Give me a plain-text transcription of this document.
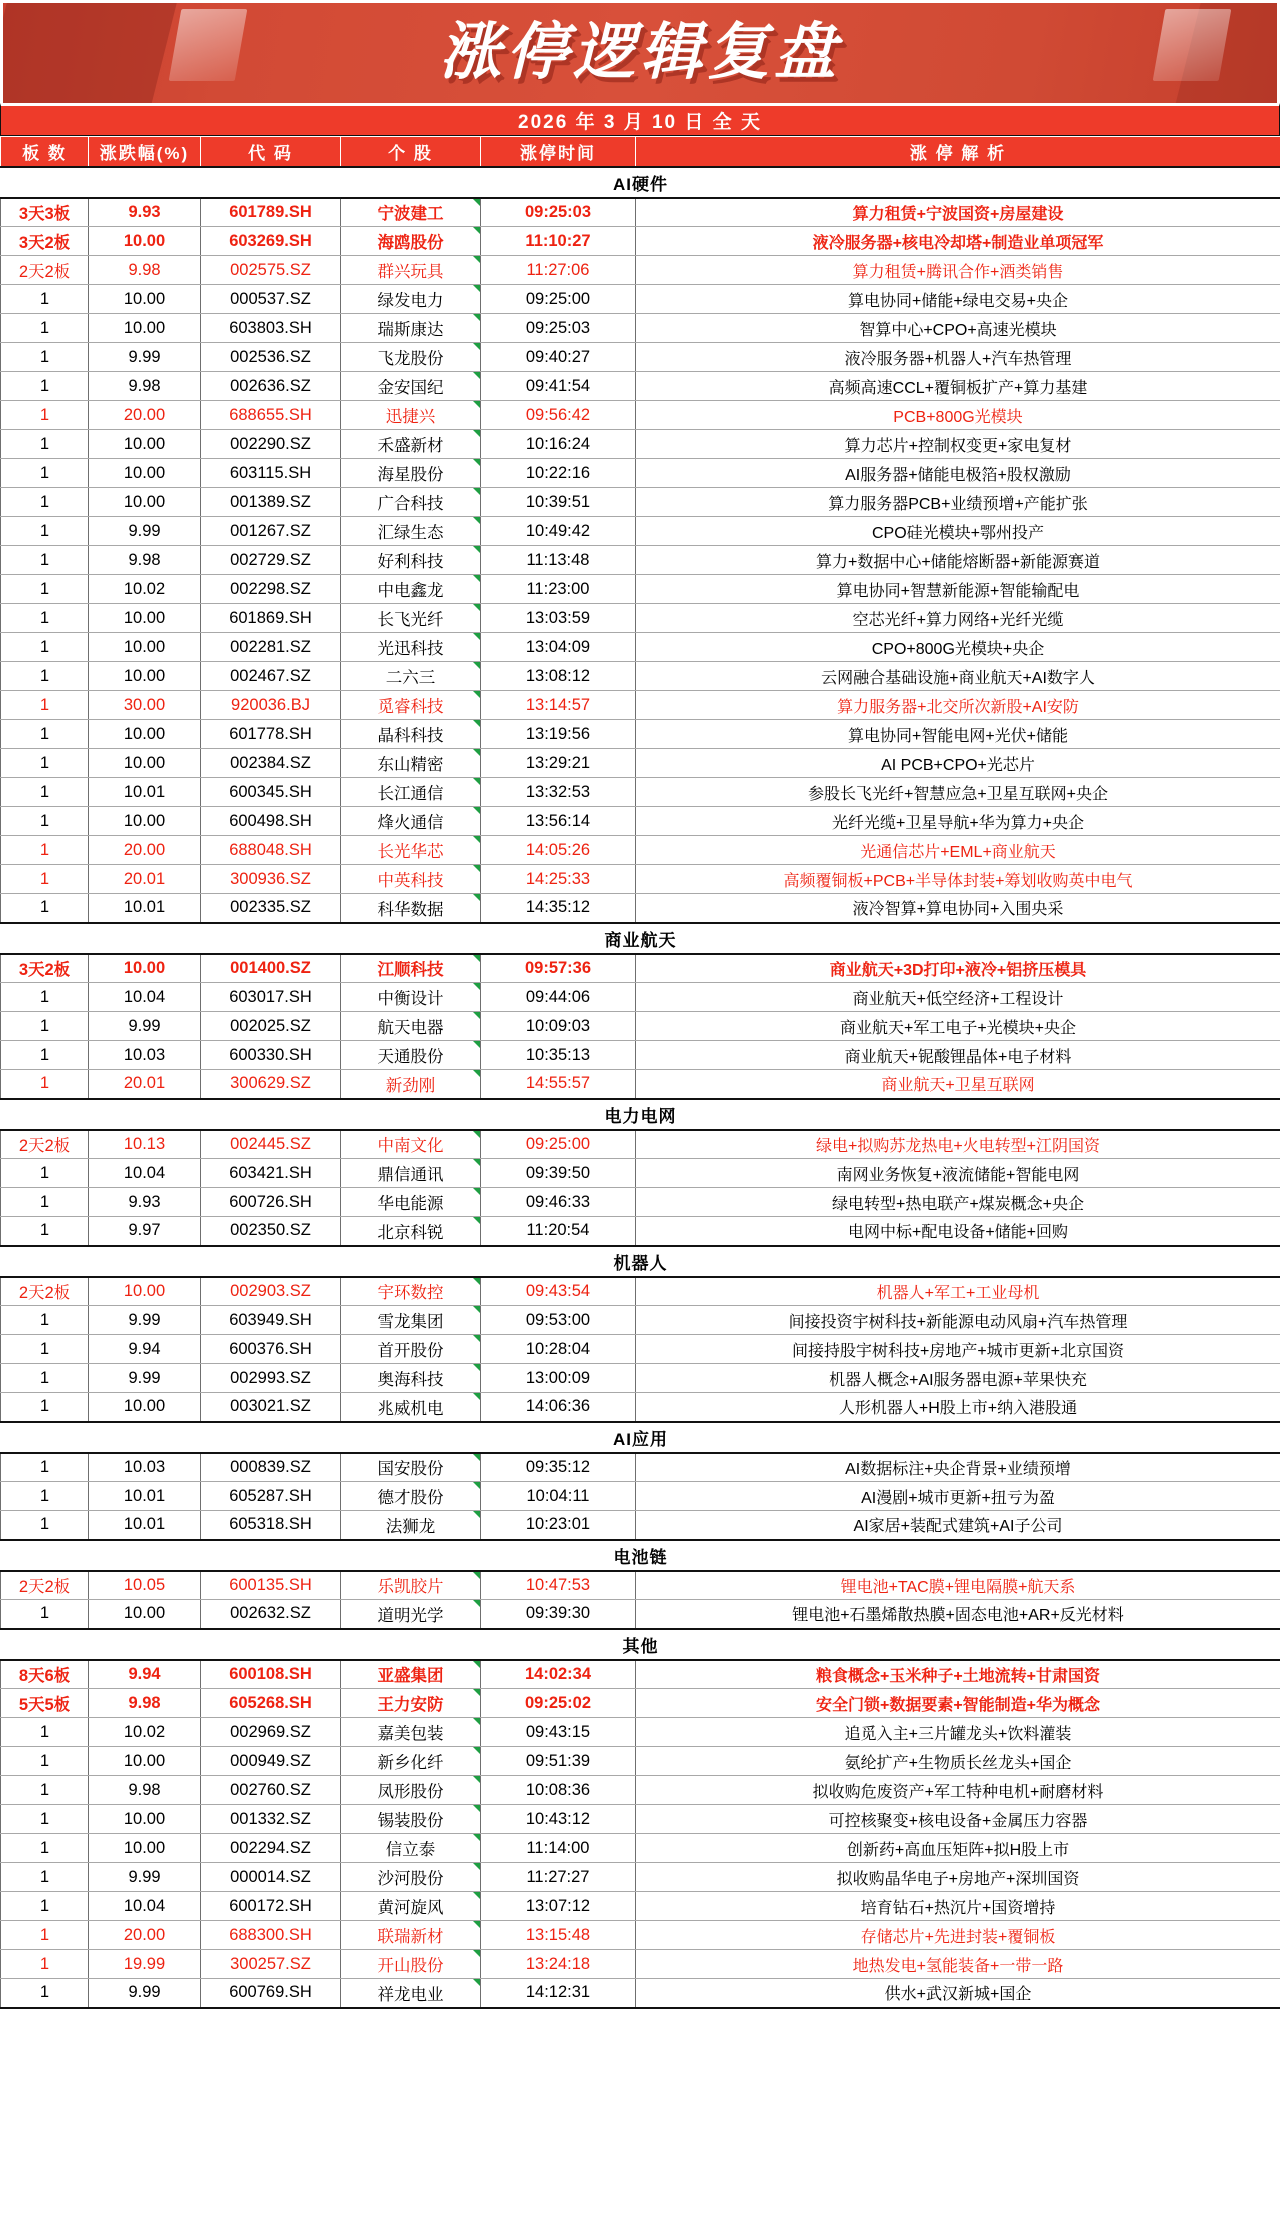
涨停逻辑复盘
2026 年 3 月 10 日 全 天
板 数	涨跌幅(%)	代 码	个 股	涨停时间	涨 停 解 析
AI硬件					
3天3板	9.93	601789.SH	宁波建工	09:25:03	算力租赁+宁波国资+房屋建设
3天2板	10.00	603269.SH	海鸥股份	11:10:27	液冷服务器+核电冷却塔+制造业单项冠军
2天2板	9.98	002575.SZ	群兴玩具	11:27:06	算力租赁+腾讯合作+酒类销售
1	10.00	000537.SZ	绿发电力	09:25:00	算电协同+储能+绿电交易+央企
1	10.00	603803.SH	瑞斯康达	09:25:03	智算中心+CPO+高速光模块
1	9.99	002536.SZ	飞龙股份	09:40:27	液冷服务器+机器人+汽车热管理
1	9.98	002636.SZ	金安国纪	09:41:54	高频高速CCL+覆铜板扩产+算力基建
1	20.00	688655.SH	迅捷兴	09:56:42	PCB+800G光模块
1	10.00	002290.SZ	禾盛新材	10:16:24	算力芯片+控制权变更+家电复材
1	10.00	603115.SH	海星股份	10:22:16	AI服务器+储能电极箔+股权激励
1	10.00	001389.SZ	广合科技	10:39:51	算力服务器PCB+业绩预增+产能扩张
1	9.99	001267.SZ	汇绿生态	10:49:42	CPO硅光模块+鄂州投产
1	9.98	002729.SZ	好利科技	11:13:48	算力+数据中心+储能熔断器+新能源赛道
1	10.02	002298.SZ	中电鑫龙	11:23:00	算电协同+智慧新能源+智能输配电
1	10.00	601869.SH	长飞光纤	13:03:59	空芯光纤+算力网络+光纤光缆
1	10.00	002281.SZ	光迅科技	13:04:09	CPO+800G光模块+央企
1	10.00	002467.SZ	二六三	13:08:12	云网融合基础设施+商业航天+AI数字人
1	30.00	920036.BJ	觅睿科技	13:14:57	算力服务器+北交所次新股+AI安防
1	10.00	601778.SH	晶科科技	13:19:56	算电协同+智能电网+光伏+储能
1	10.00	002384.SZ	东山精密	13:29:21	AI PCB+CPO+光芯片
1	10.01	600345.SH	长江通信	13:32:53	参股长飞光纤+智慧应急+卫星互联网+央企
1	10.00	600498.SH	烽火通信	13:56:14	光纤光缆+卫星导航+华为算力+央企
1	20.00	688048.SH	长光华芯	14:05:26	光通信芯片+EML+商业航天
1	20.01	300936.SZ	中英科技	14:25:33	高频覆铜板+PCB+半导体封装+筹划收购英中电气
1	10.01	002335.SZ	科华数据	14:35:12	液冷智算+算电协同+入围央采
商业航天					
3天2板	10.00	001400.SZ	江顺科技	09:57:36	商业航天+3D打印+液冷+铝挤压模具
1	10.04	603017.SH	中衡设计	09:44:06	商业航天+低空经济+工程设计
1	9.99	002025.SZ	航天电器	10:09:03	商业航天+军工电子+光模块+央企
1	10.03	600330.SH	天通股份	10:35:13	商业航天+铌酸锂晶体+电子材料
1	20.01	300629.SZ	新劲刚	14:55:57	商业航天+卫星互联网
电力电网					
2天2板	10.13	002445.SZ	中南文化	09:25:00	绿电+拟购苏龙热电+火电转型+江阴国资
1	10.04	603421.SH	鼎信通讯	09:39:50	南网业务恢复+液流储能+智能电网
1	9.93	600726.SH	华电能源	09:46:33	绿电转型+热电联产+煤炭概念+央企
1	9.97	002350.SZ	北京科锐	11:20:54	电网中标+配电设备+储能+回购
机器人					
2天2板	10.00	002903.SZ	宇环数控	09:43:54	机器人+军工+工业母机
1	9.99	603949.SH	雪龙集团	09:53:00	间接投资宇树科技+新能源电动风扇+汽车热管理
1	9.94	600376.SH	首开股份	10:28:04	间接持股宇树科技+房地产+城市更新+北京国资
1	9.99	002993.SZ	奥海科技	13:00:09	机器人概念+AI服务器电源+苹果快充
1	10.00	003021.SZ	兆威机电	14:06:36	人形机器人+H股上市+纳入港股通
AI应用					
1	10.03	000839.SZ	国安股份	09:35:12	AI数据标注+央企背景+业绩预增
1	10.01	605287.SH	德才股份	10:04:11	AI漫剧+城市更新+扭亏为盈
1	10.01	605318.SH	法狮龙	10:23:01	AI家居+装配式建筑+AI子公司
电池链					
2天2板	10.05	600135.SH	乐凯胶片	10:47:53	锂电池+TAC膜+锂电隔膜+航天系
1	10.00	002632.SZ	道明光学	09:39:30	锂电池+石墨烯散热膜+固态电池+AR+反光材料
其他					
8天6板	9.94	600108.SH	亚盛集团	14:02:34	粮食概念+玉米种子+土地流转+甘肃国资
5天5板	9.98	605268.SH	王力安防	09:25:02	安全门锁+数据要素+智能制造+华为概念
1	10.02	002969.SZ	嘉美包装	09:43:15	追觅入主+三片罐龙头+饮料灌装
1	10.00	000949.SZ	新乡化纤	09:51:39	氨纶扩产+生物质长丝龙头+国企
1	9.98	002760.SZ	凤形股份	10:08:36	拟收购危废资产+军工特种电机+耐磨材料
1	10.00	001332.SZ	锡装股份	10:43:12	可控核聚变+核电设备+金属压力容器
1	10.00	002294.SZ	信立泰	11:14:00	创新药+高血压矩阵+拟H股上市
1	9.99	000014.SZ	沙河股份	11:27:27	拟收购晶华电子+房地产+深圳国资
1	10.04	600172.SH	黄河旋风	13:07:12	培育钻石+热沉片+国资增持
1	20.00	688300.SH	联瑞新材	13:15:48	存储芯片+先进封装+覆铜板
1	19.99	300257.SZ	开山股份	13:24:18	地热发电+氢能装备+一带一路
1	9.99	600769.SH	祥龙电业	14:12:31	供水+武汉新城+国企
